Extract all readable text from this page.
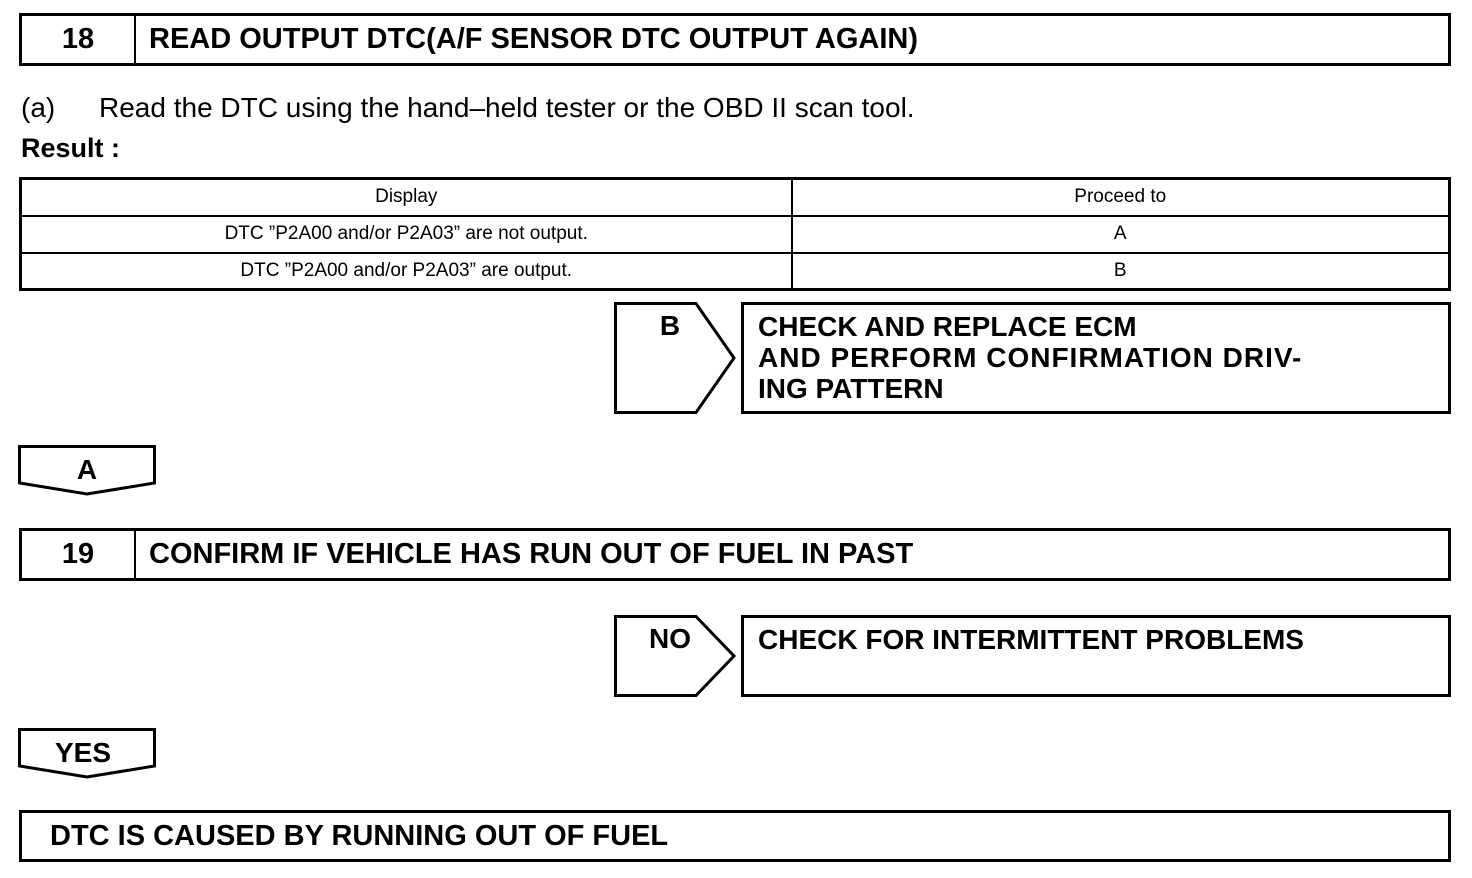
18	READ OUTPUT DTC(A/F SENSOR DTC OUTPUT AGAIN)
(a) Read the DTC using the hand–held tester or the OBD II scan tool.
Result :
Display	Proceed to
DTC ”P2A00 and/or P2A03” are not output.	A
DTC ”P2A00 and/or P2A03” are output.	B
B	CHECK AND REPLACE ECM
AND PERFORM CONFIRMATION DRIV-
ING PATTERN
A
19	CONFIRM IF VEHICLE HAS RUN OUT OF FUEL IN PAST
NO	CHECK FOR INTERMITTENT PROBLEMS
YES
DTC IS CAUSED BY RUNNING OUT OF FUEL
